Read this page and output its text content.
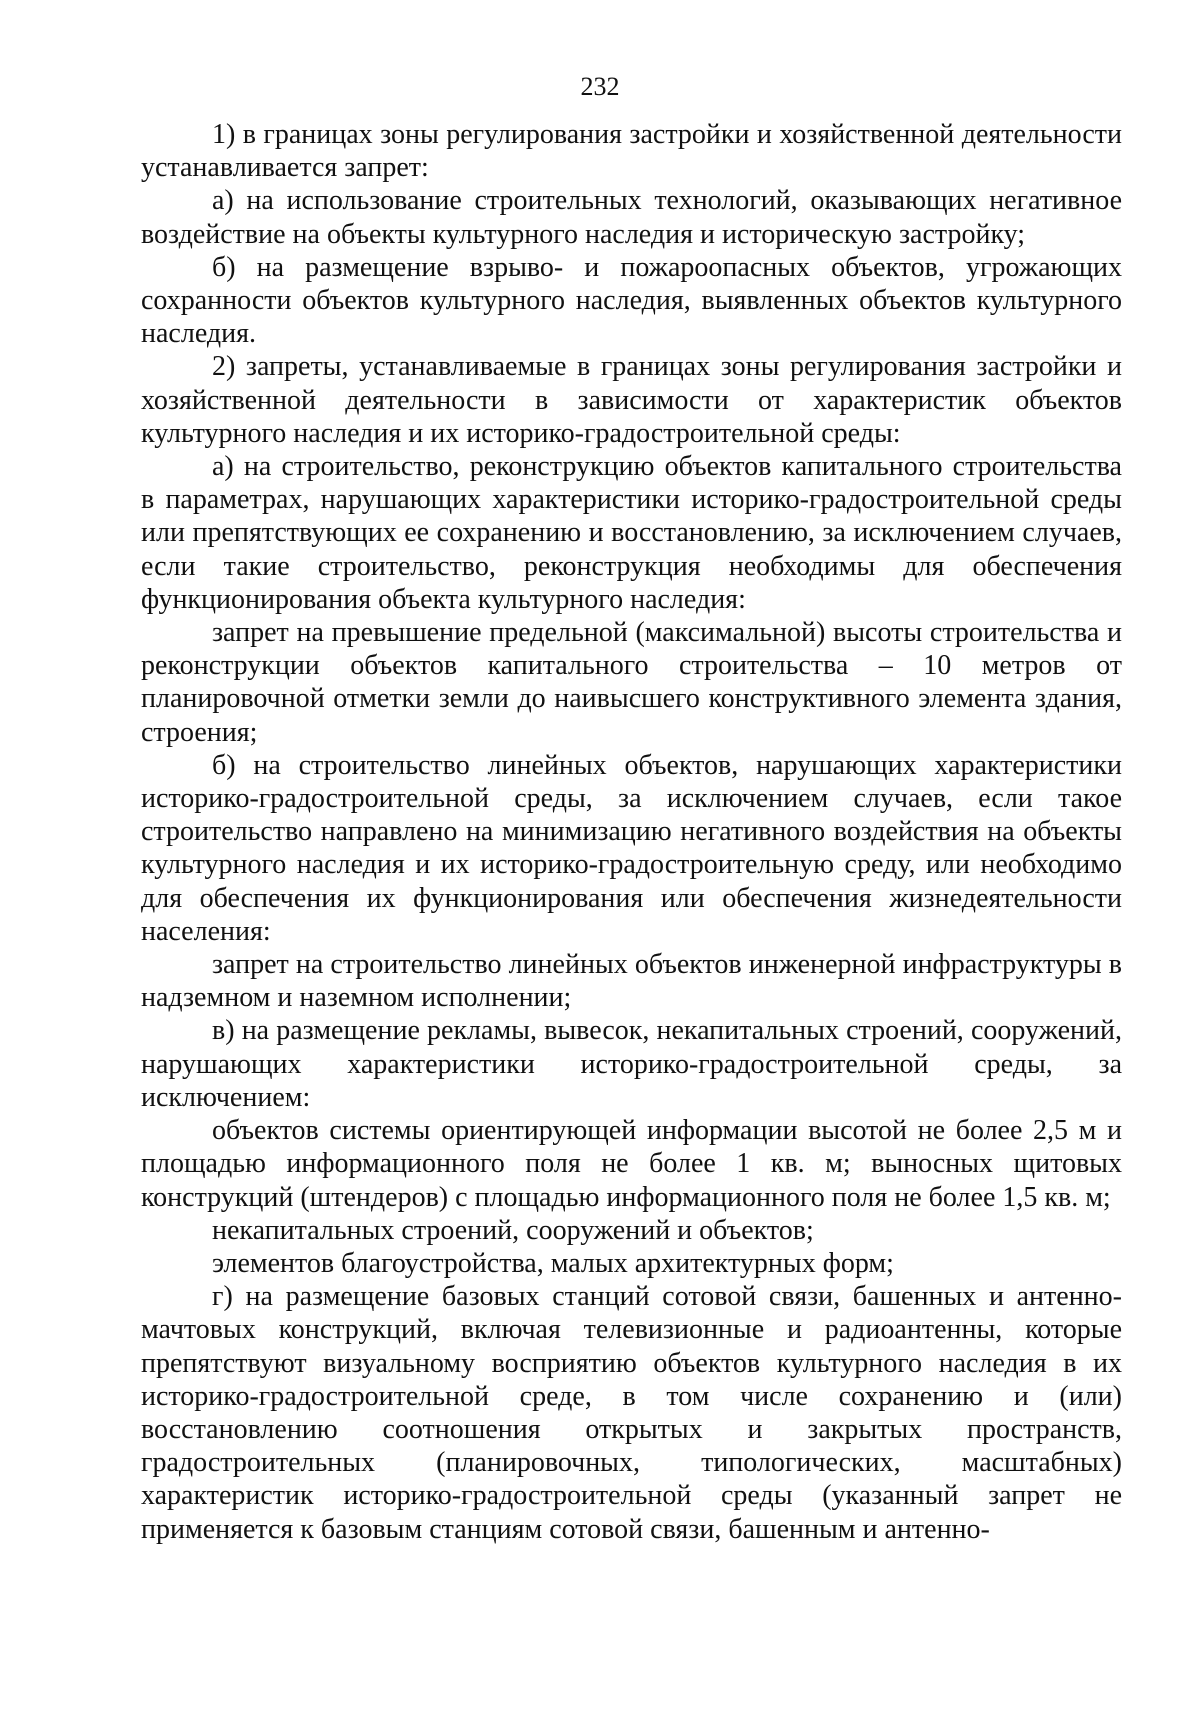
232

1) в границах зоны регулирования застройки и хозяйственной деятельности устанавливается запрет:

а) на использование строительных технологий, оказывающих негативное воздействие на объекты культурного наследия и историческую застройку;

б) на размещение взрыво- и пожароопасных объектов, угрожающих сохранности объектов культурного наследия, выявленных объектов культурного наследия.

2) запреты, устанавливаемые в границах зоны регулирования застройки и хозяйственной деятельности в зависимости от характеристик объектов культурного наследия и их историко-градостроительной среды:

а) на строительство, реконструкцию объектов капитального строительства в параметрах, нарушающих характеристики историко-градостроительной среды или препятствующих ее сохранению и восстановлению, за исключением случаев, если такие строительство, реконструкция необходимы для обеспечения функционирования объекта культурного наследия:

запрет на превышение предельной (максимальной) высоты строительства и реконструкции объектов капитального строительства – 10 метров от планировочной отметки земли до наивысшего конструктивного элемента здания, строения;

б) на строительство линейных объектов, нарушающих характеристики историко-градостроительной среды, за исключением случаев, если такое строительство направлено на минимизацию негативного воздействия на объекты культурного наследия и их историко-градостроительную среду, или необходимо для обеспечения их функционирования или обеспечения жизнедеятельности населения:

запрет на строительство линейных объектов инженерной инфраструктуры в надземном и наземном исполнении;

в) на размещение рекламы, вывесок, некапитальных строений, сооружений, нарушающих характеристики историко-градостроительной среды, за исключением:

объектов системы ориентирующей информации высотой не более 2,5 м и площадью информационного поля не более 1 кв. м; выносных щитовых конструкций (штендеров) с площадью информационного поля не более 1,5 кв. м;

некапитальных строений, сооружений и объектов;

элементов благоустройства, малых архитектурных форм;

г) на размещение базовых станций сотовой связи, башенных и антенно-мачтовых конструкций, включая телевизионные и радиоантенны, которые препятствуют визуальному восприятию объектов культурного наследия в их историко-градостроительной среде, в том числе сохранению и (или) восстановлению соотношения открытых и закрытых пространств, градостроительных (планировочных, типологических, масштабных) характеристик историко-градостроительной среды (указанный запрет не применяется к базовым станциям сотовой связи, башенным и антенно-
